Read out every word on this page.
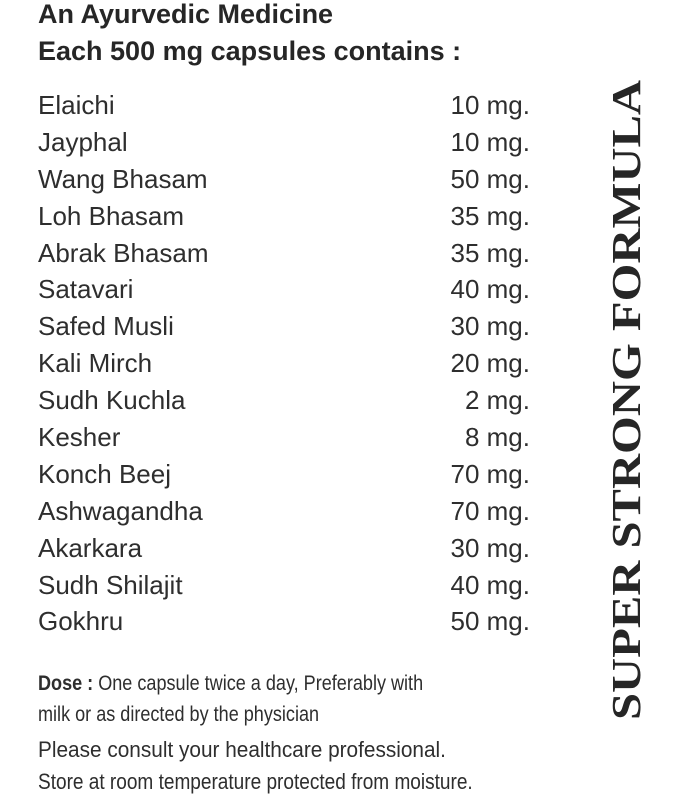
An Ayurvedic Medicine
Each 500 mg capsules contains :
Elaichi	10 mg.
Jayphal	10 mg.
Wang Bhasam	50 mg.
Loh Bhasam	35 mg.
Abrak Bhasam	35 mg.
Satavari	40 mg.
Safed Musli	30 mg.
Kali Mirch	20 mg.
Sudh Kuchla	2 mg.
Kesher	8 mg.
Konch Beej	70 mg.
Ashwagandha	70 mg.
Akarkara	30 mg.
Sudh Shilajit	40 mg.
Gokhru	50 mg. SUPER STRONG FORMULA
Dose : One capsule twice a day, Preferably with milk or as directed by the physician
Please consult your healthcare professional.
Store at room temperature protected from moisture.
